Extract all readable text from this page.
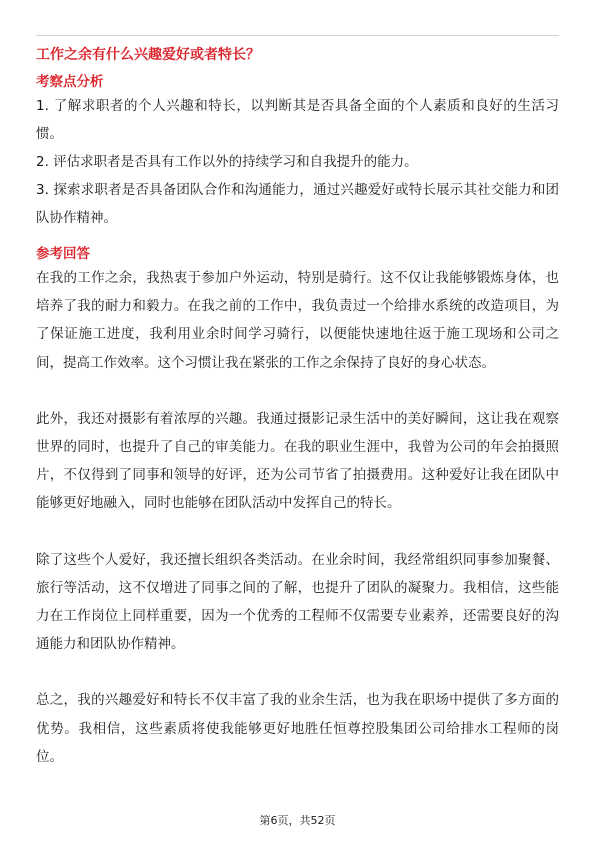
工作之余有什么兴趣爱好或者特长？
考察点分析

1. 了解求职者的个人兴趣和特长，以判断其是否具备全面的个人素质和良好的生活习惯。

2. 评估求职者是否具有工作以外的持续学习和自我提升的能力。

3. 探索求职者是否具备团队合作和沟通能力，通过兴趣爱好或特长展示其社交能力和团队协作精神。

参考回答

在我的工作之余，我热衷于参加户外运动，特别是骑行。这不仅让我能够锻炼身体，也培养了我的耐力和毅力。在我之前的工作中，我负责过一个给排水系统的改造项目，为了保证施工进度，我利用业余时间学习骑行，以便能快速地往返于施工现场和公司之间，提高工作效率。这个习惯让我在紧张的工作之余保持了良好的身心状态。

此外，我还对摄影有着浓厚的兴趣。我通过摄影记录生活中的美好瞬间，这让我在观察世界的同时，也提升了自己的审美能力。在我的职业生涯中，我曾为公司的年会拍摄照片，不仅得到了同事和领导的好评，还为公司节省了拍摄费用。这种爱好让我在团队中能够更好地融入，同时也能够在团队活动中发挥自己的特长。

除了这些个人爱好，我还擅长组织各类活动。在业余时间，我经常组织同事参加聚餐、旅行等活动，这不仅增进了同事之间的了解，也提升了团队的凝聚力。我相信，这些能力在工作岗位上同样重要，因为一个优秀的工程师不仅需要专业素养，还需要良好的沟通能力和团队协作精神。

总之，我的兴趣爱好和特长不仅丰富了我的业余生活，也为我在职场中提供了多方面的优势。我相信，这些素质将使我能够更好地胜任恒尊控股集团公司给排水工程师的岗位。

第6页，共52页
